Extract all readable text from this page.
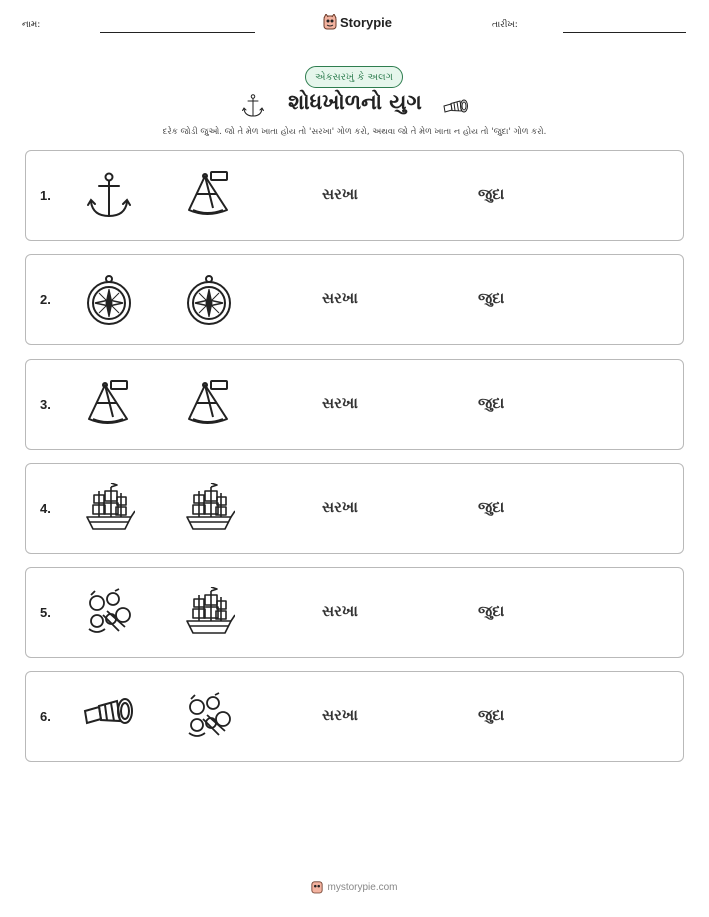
નામ:	Storypie	તારીખ:
એકસરખું કે અલગ
શોધખોળનો યુગ
દરેક જોડી જુઓ. જો તે મેળ ખાતા હોય તો 'સરખા' ગોળ કરો, અથવા જો તે મેળ ખાતા ન હોય તો 'જુદા' ગોળ કરો.
1.	સરખા	જુદા
2.	સરખા	જુદા
3.	સરખા	જુદા
4.	સરખા	જુદા
5.	સરખા	જુદા
6.	સરખા	જુદા
mystorypie.com
